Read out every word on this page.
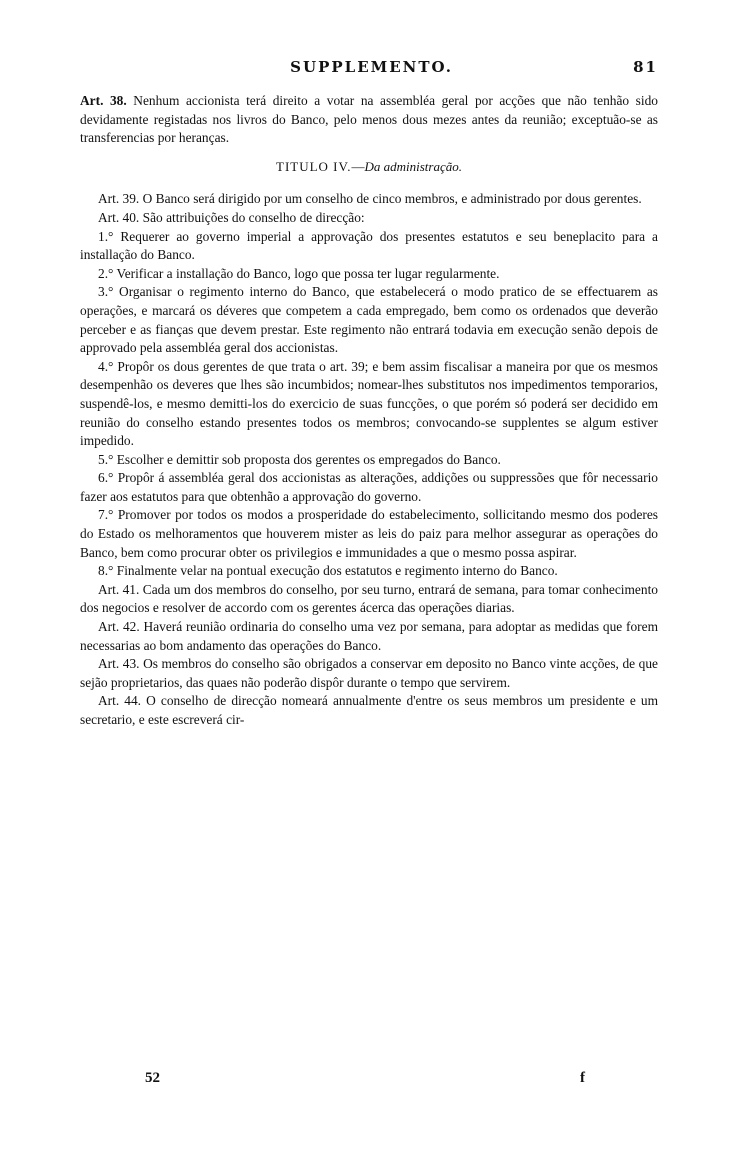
SUPPLEMENTO.	81

Art. 38. Nenhum accionista terá direito a votar na assembléa geral por acções que não tenhão sido devidamente registadas nos livros do Banco, pelo menos dous mezes antes da reunião; exceptuão-se as transferencias por heranças.

TITULO IV.—Da administração.

Art. 39. O Banco será dirigido por um conselho de cinco membros, e administrado por dous gerentes.

Art. 40. São attribuições do conselho de direcção:

1.° Requerer ao governo imperial a approvação dos presentes estatutos e seu beneplacito para a installação do Banco.

2.° Verificar a installação do Banco, logo que possa ter lugar regularmente.

3.° Organisar o regimento interno do Banco, que estabelecerá o modo pratico de se effectuarem as operações, e marcará os déveres que competem a cada empregado, bem como os ordenados que deverão perceber e as fianças que devem prestar. Este regimento não entrará todavia em execução senão depois de approvado pela assembléa geral dos accionistas.

4.° Propôr os dous gerentes de que trata o art. 39; e bem assim fiscalisar a maneira por que os mesmos desempenhão os deveres que lhes são incumbidos; nomear-lhes substitutos nos impedimentos temporarios, suspendê-los, e mesmo demitti-los do exercicio de suas funcções, o que porém só poderá ser decidido em reunião do conselho estando presentes todos os membros; convocando-se supplentes se algum estiver impedido.

5.° Escolher e demittir sob proposta dos gerentes os empregados do Banco.

6.° Propôr á assembléa geral dos accionistas as alterações, addições ou suppressões que fôr necessario fazer aos estatutos para que obtenhão a approvação do governo.

7.° Promover por todos os modos a prosperidade do estabelecimento, sollicitando mesmo dos poderes do Estado os melhoramentos que houverem mister as leis do paiz para melhor assegurar as operações do Banco, bem como procurar obter os privilegios e immunidades a que o mesmo possa aspirar.

8.° Finalmente velar na pontual execução dos estatutos e regimento interno do Banco.

Art. 41. Cada um dos membros do conselho, por seu turno, entrará de semana, para tomar conhecimento dos negocios e resolver de accordo com os gerentes ácerca das operações diarias.

Art. 42. Haverá reunião ordinaria do conselho uma vez por semana, para adoptar as medidas que forem necessarias ao bom andamento das operações do Banco.

Art. 43. Os membros do conselho são obrigados a conservar em deposito no Banco vinte acções, de que sejão proprietarios, das quaes não poderão dispôr durante o tempo que servirem.

Art. 44. O conselho de direcção nomeará annualmente d'entre os seus membros um presidente e um secretario, e este escreverá cir-

52	f
